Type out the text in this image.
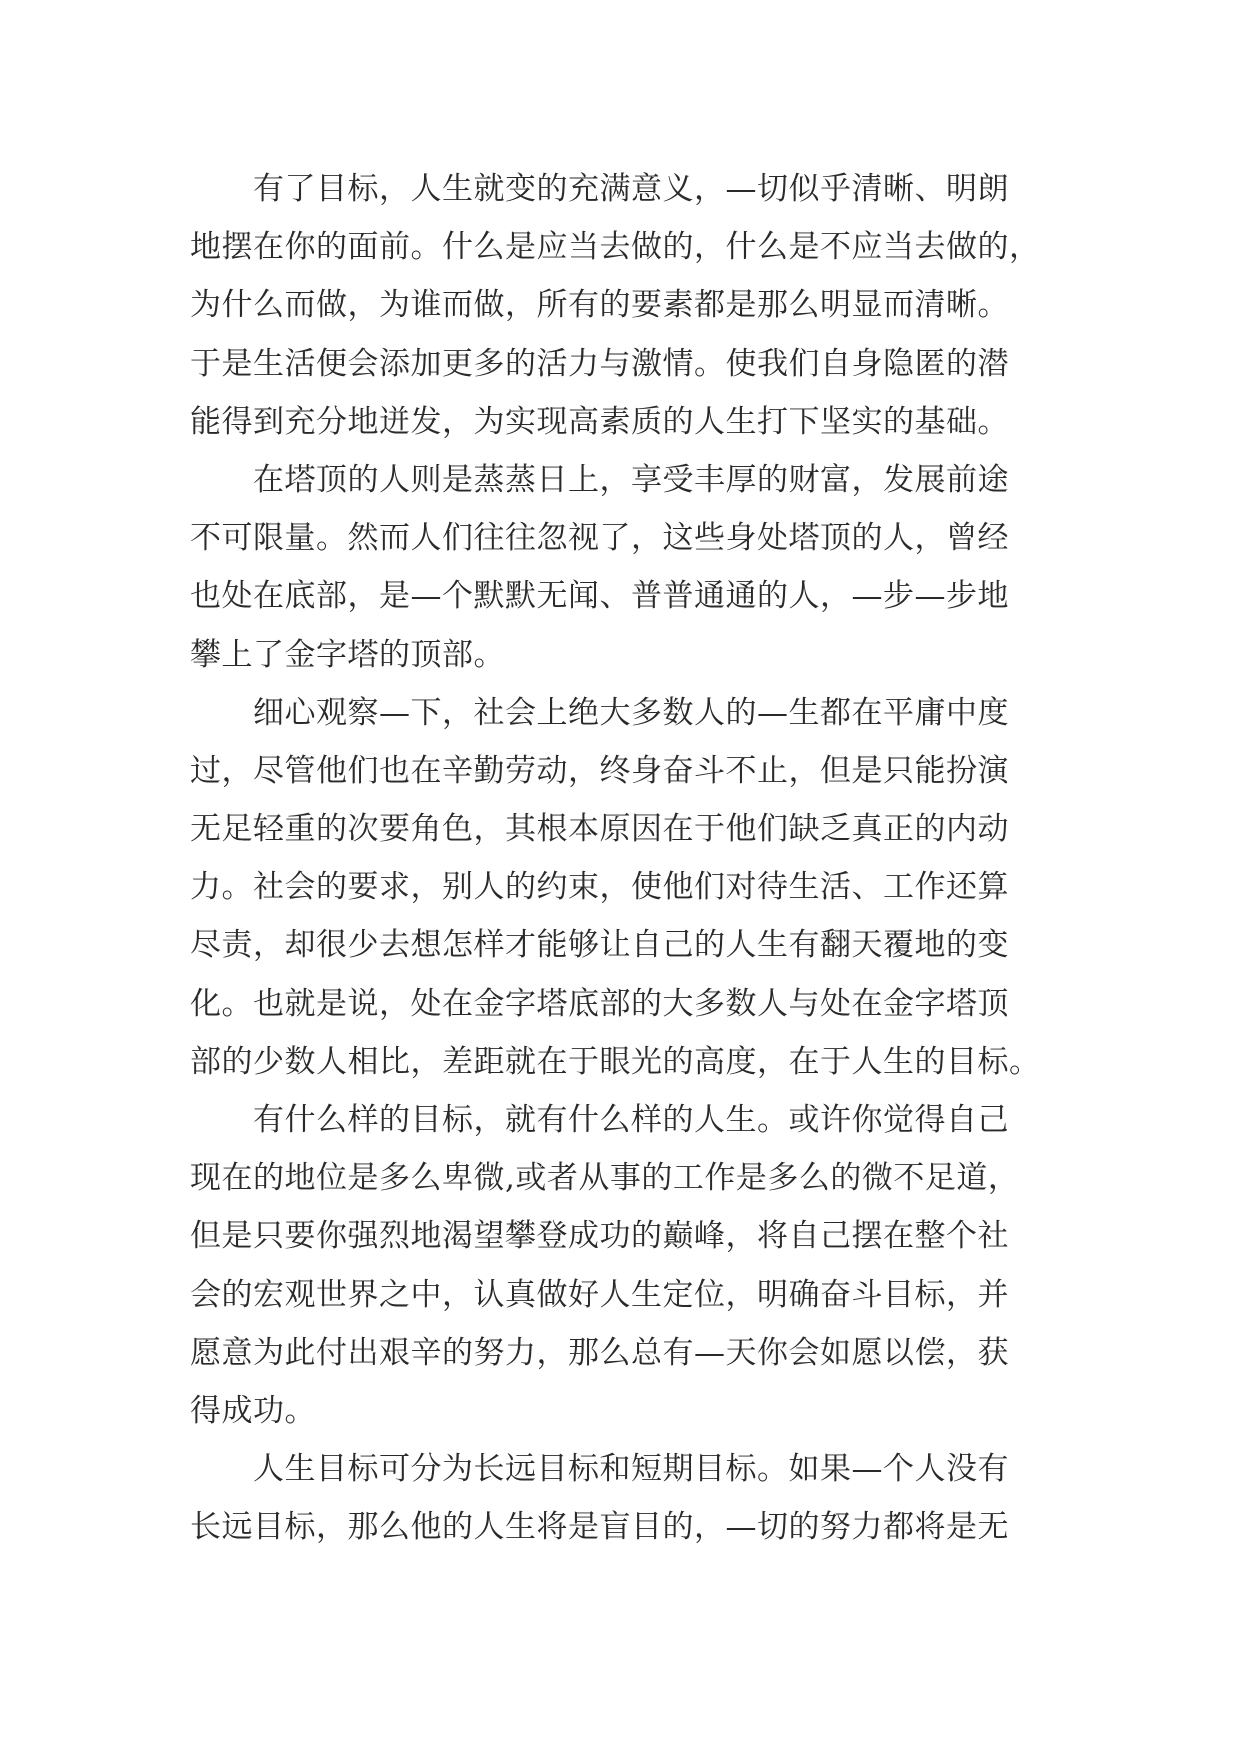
　　有了目标，人生就变的充满意义，—切似乎清晰、明朗
地摆在你的面前。什么是应当去做的，什么是不应当去做的，
为什么而做，为谁而做，所有的要素都是那么明显而清晰。
于是生活便会添加更多的活力与激情。使我们自身隐匿的潜
能得到充分地迸发，为实现高素质的人生打下坚实的基础。
　　在塔顶的人则是蒸蒸日上，享受丰厚的财富，发展前途
不可限量。然而人们往往忽视了，这些身处塔顶的人，曾经
也处在底部，是—个默默无闻、普普通通的人，—步—步地
攀上了金字塔的顶部。
　　细心观察—下，社会上绝大多数人的—生都在平庸中度
过，尽管他们也在辛勤劳动，终身奋斗不止，但是只能扮演
无足轻重的次要角色，其根本原因在于他们缺乏真正的内动
力。社会的要求，别人的约束，使他们对待生活、工作还算
尽责，却很少去想怎样才能够让自己的人生有翻天覆地的变
化。也就是说，处在金字塔底部的大多数人与处在金字塔顶
部的少数人相比，差距就在于眼光的高度，在于人生的目标。
　　有什么样的目标，就有什么样的人生。或许你觉得自己
现在的地位是多么卑微,或者从事的工作是多么的微不足道，
但是只要你强烈地渴望攀登成功的巅峰，将自己摆在整个社
会的宏观世界之中，认真做好人生定位，明确奋斗目标，并
愿意为此付出艰辛的努力，那么总有—天你会如愿以偿，获
得成功。
　　人生目标可分为长远目标和短期目标。如果—个人没有
长远目标，那么他的人生将是盲目的，—切的努力都将是无
